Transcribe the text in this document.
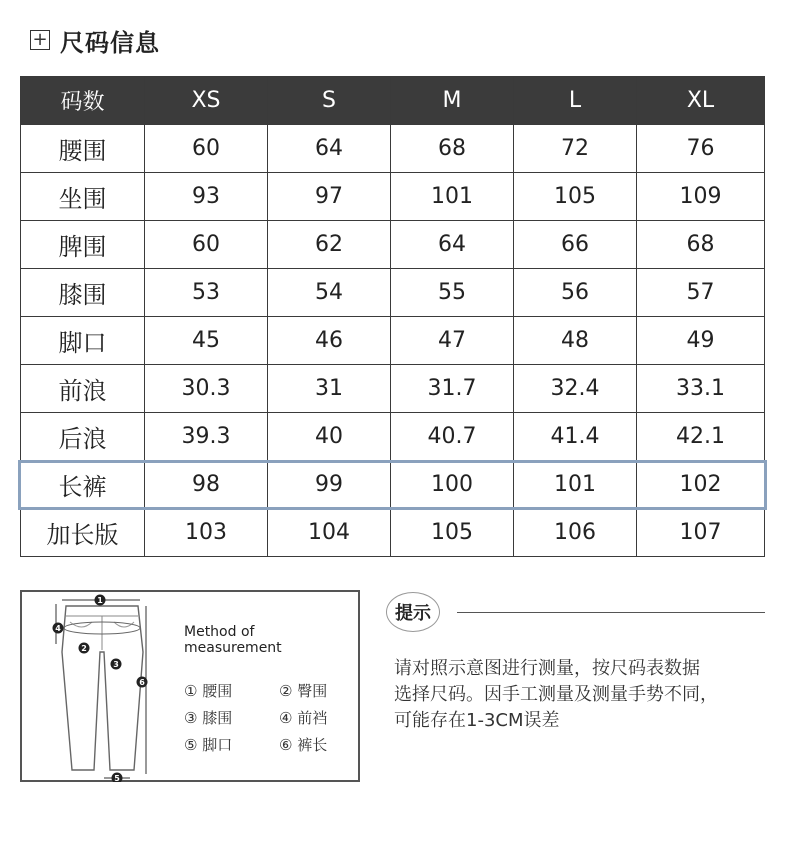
+ 尺码信息
码数	XS	S	M	L	XL
腰围	60	64	68	72	76
坐围	93	97	101	105	109
脾围	60	62	64	66	68
膝围	53	54	55	56	57
脚口	45	46	47	48	49
前浪	30.3	31	31.7	32.4	33.1
后浪	39.3	40	40.7	41.4	42.1
长裤	98	99	100	101	102
加长版	103	104	105	106	107
1
2
3
4
5
6
Method of
measurement
① 腰围	② 臀围
③ 膝围	④ 前裆
⑤ 脚口	⑥ 裤长
提示
请对照示意图进行测量，按尺码表数据
选择尺码。因手工测量及测量手势不同，
可能存在1-3CM误差
